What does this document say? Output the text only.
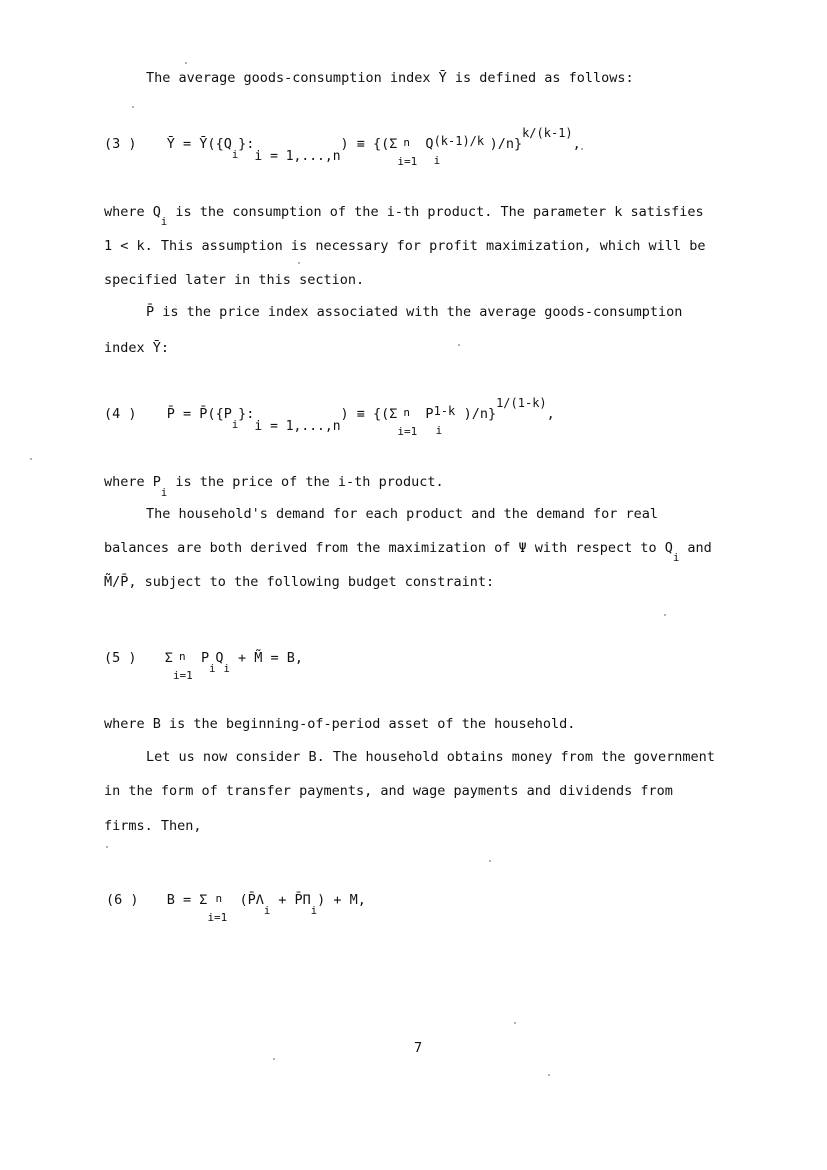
The average goods-consumption index Ȳ is defined as follows:
(3 ) Ȳ = $Ȳ(\{Q_i\}:_{i = 1,...,n}) \equiv \{(\Sigma$ n
i=1
Q
i
(k-1)/k )/n}$^{k/(k-1)}$,
where $Q_i$ is the consumption of the i-th product. The parameter k satisfies
1 < k. This assumption is necessary for profit maximization, which will be
specified later in this section.
P̄ is the price index associated with the average goods-consumption
index Ȳ:
(4 ) P̄ = $P̄(\{P_i\}:_{i = 1,...,n}) \equiv \{(\Sigma$ n
i=1
P
i
1-k )/n}$^{1/(1-k)}$,
where $P_i$ is the price of the i-th product.
The household's demand for each product and the demand for real
balances are both derived from the maximization of Ψ with respect to $Q_i$ and
M̃/P̄, subject to the following budget constraint:
(5 ) Σ n
i=1
$P_iQ_i$ + M̃ = B,
where B is the beginning-of-period asset of the household.
Let us now consider B. The household obtains money from the government
in the form of transfer payments, and wage payments and dividends from
firms. Then,
(6 ) B = Σ n
i=1
($P̄\Lambda_i$ + $P̄\Pi_i) + M$,
7
